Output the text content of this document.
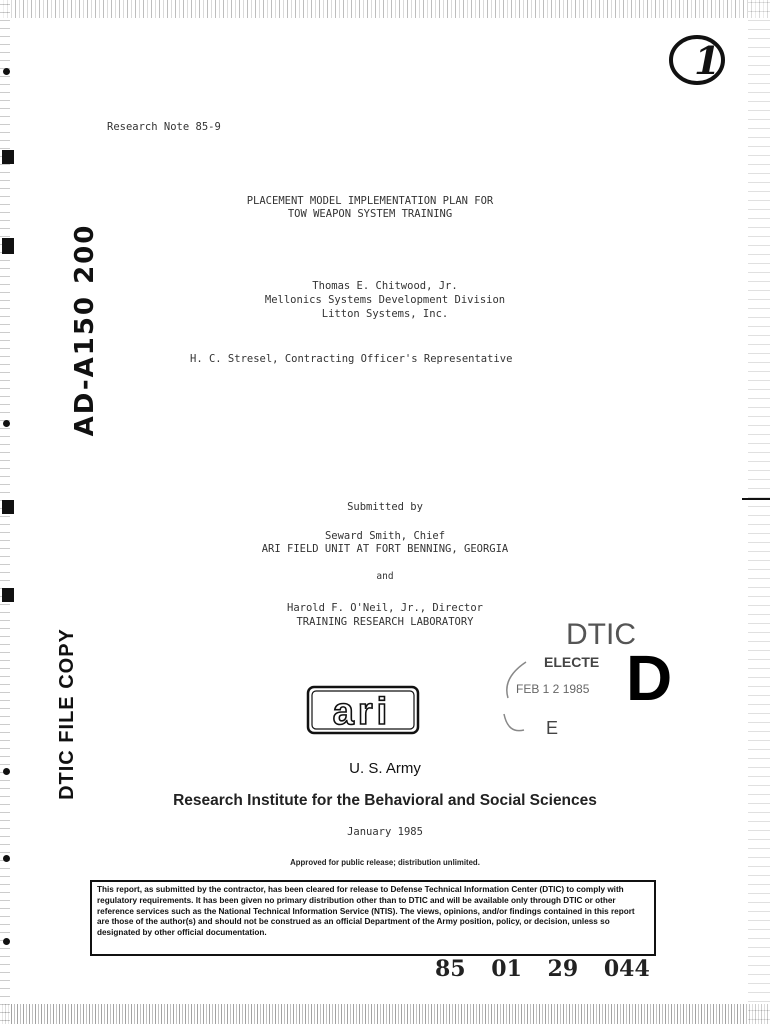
1
Research Note 85-9
PLACEMENT MODEL IMPLEMENTATION PLAN FOR
TOW WEAPON SYSTEM TRAINING
AD-A150 200	Thomas E. Chitwood, Jr.
Mellonics Systems Development Division
Litton Systems, Inc.
H. C. Stresel, Contracting Officer's Representative
Submitted by
Seward Smith, Chief
ARI FIELD UNIT AT FORT BENNING, GEORGIA
and
Harold F. O'Neil, Jr., Director
TRAINING RESEARCH LABORATORY
DTIC FILE COPY	DTIC
ELECTE
FEB 1 2 1985 D
E
ari
U. S. Army
Research Institute for the Behavioral and Social Sciences
January 1985
Approved for public release; distribution unlimited.
This report, as submitted by the contractor, has been cleared for release to Defense Technical Information Center (DTIC) to comply with regulatory requirements. It has been given no primary distribution other than to DTIC and will be available only through DTIC or other reference services such as the National Technical Information Service (NTIS). The views, opinions, and/or findings contained in this report are those of the author(s) and should not be construed as an official Department of the Army position, policy, or decision, unless so designated by other official documentation.
85 01 29 044
